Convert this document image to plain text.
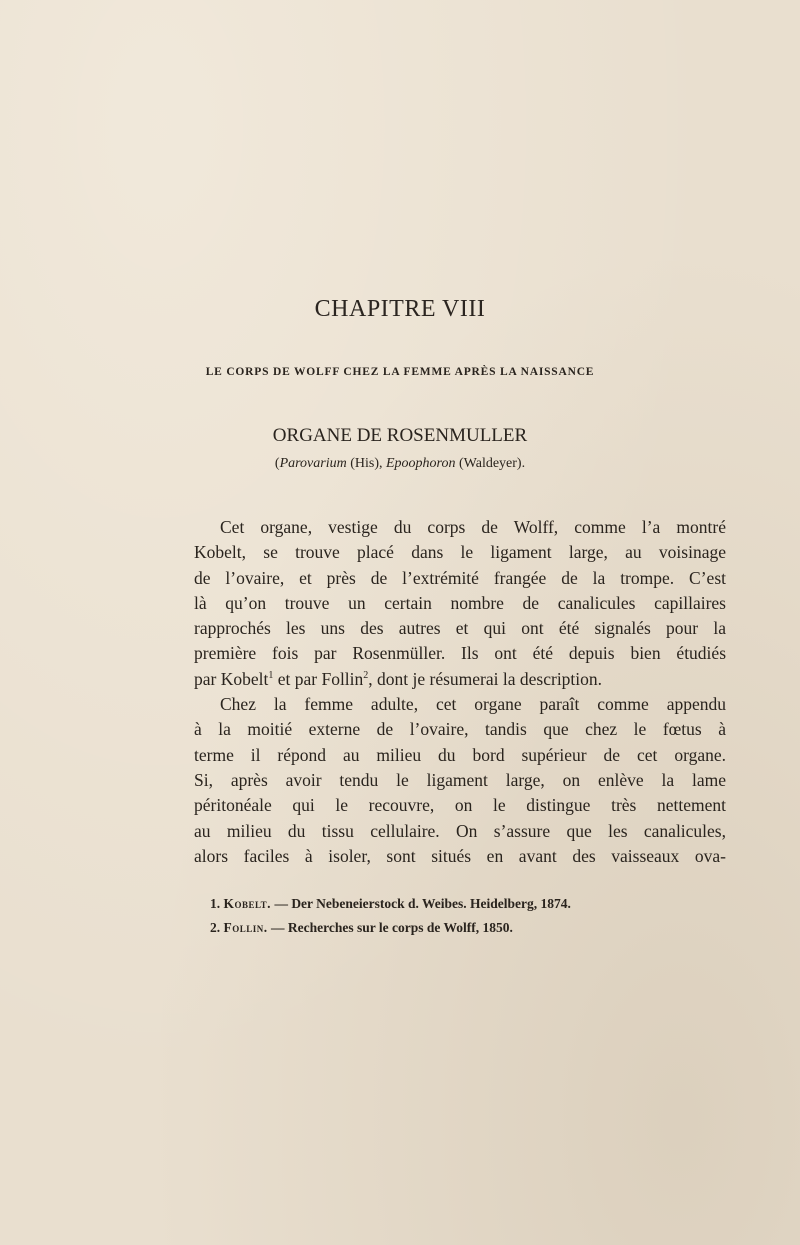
CHAPITRE VIII
LE CORPS DE WOLFF CHEZ LA FEMME APRÈS LA NAISSANCE
ORGANE DE ROSENMULLER
(Parovarium (His), Epoophoron (Waldeyer).
Cet organe, vestige du corps de Wolff, comme l’a montré
Kobelt, se trouve placé dans le ligament large, au voisinage
de l’ovaire, et près de l’extrémité frangée de la trompe. C’est
là qu’on trouve un certain nombre de canalicules capillaires
rapprochés les uns des autres et qui ont été signalés pour la
première fois par Rosenmüller. Ils ont été depuis bien étudiés
par Kobelt$^1$ et par Follin$^2$, dont je résumerai la description.
Chez la femme adulte, cet organe paraît comme appendu
à la moitié externe de l’ovaire, tandis que chez le fœtus à
terme il répond au milieu du bord supérieur de cet organe.
Si, après avoir tendu le ligament large, on enlève la lame
péritonéale qui le recouvre, on le distingue très nettement
au milieu du tissu cellulaire. On s’assure que les canalicules,
alors faciles à isoler, sont situés en avant des vaisseaux ova-
1. Kobelt. — Der Nebeneierstock d. Weibes. Heidelberg, 1874.
2. Follin. — Recherches sur le corps de Wolff, 1850.
